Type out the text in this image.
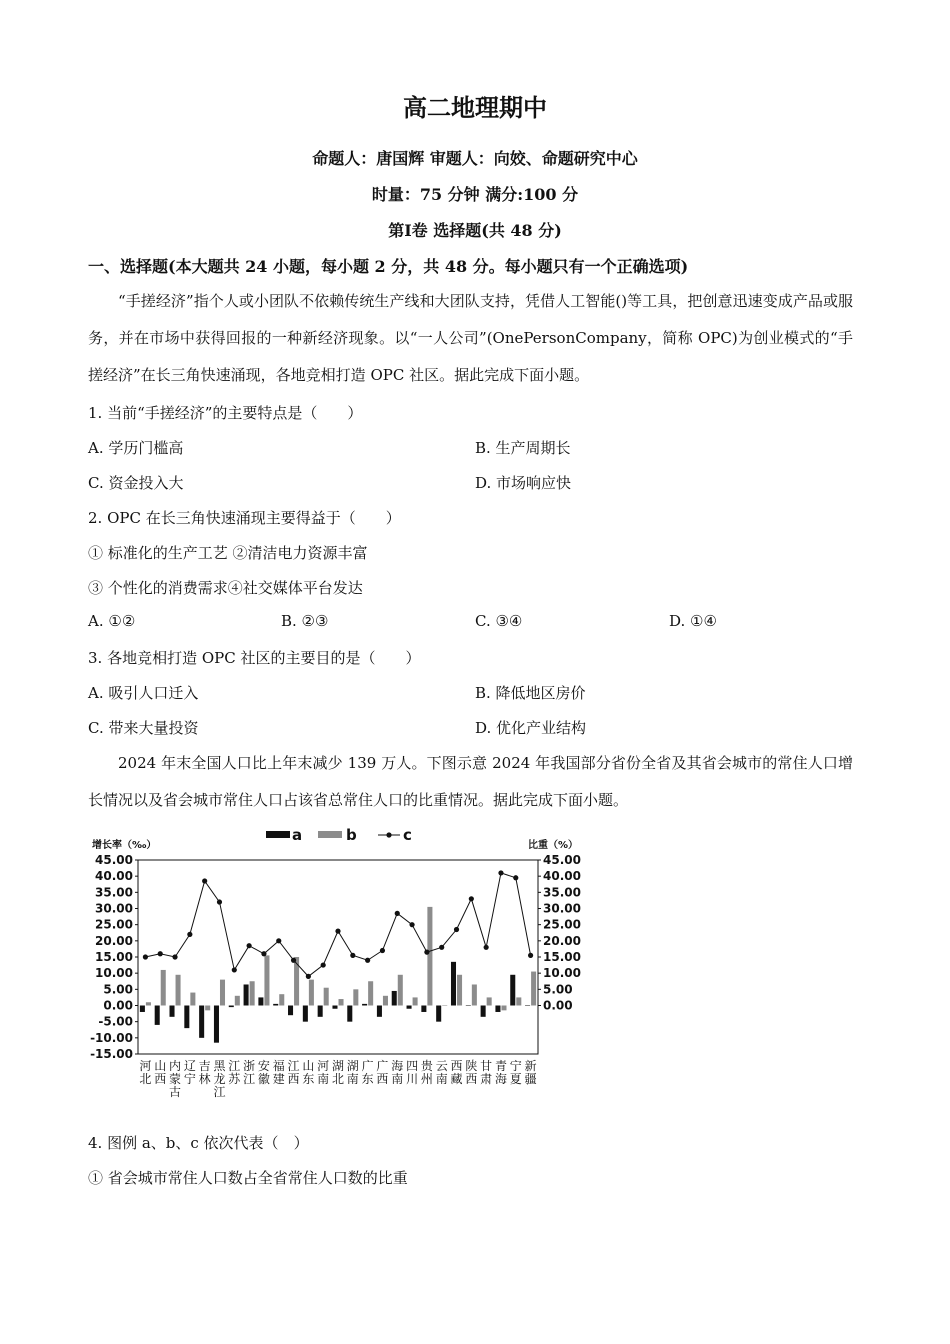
高二地理期中
命题人：唐国辉 审题人：向姣、命题研究中心
时量：75 分钟 满分:100 分
第Ⅰ卷 选择题(共 48 分)
一、选择题(本大题共 24 小题，每小题 2 分，共 48 分。每小题只有一个正确选项)

“手搓经济”指个人或小团队不依赖传统生产线和大团队支持，凭借人工智能()等工具，把创意迅速变成产品或服务，并在市场中获得回报的一种新经济现象。以“一人公司”(OnePersonCompany，简称 OPC)为创业模式的“手搓经济”在长三角快速涌现，各地竞相打造 OPC 社区。据此完成下面小题。

1. 当前“手搓经济”的主要特点是（　　）
A. 学历门槛高	B. 生产周期长
C. 资金投入大	D. 市场响应快
2. OPC 在长三角快速涌现主要得益于（　　）
① 标准化的生产工艺 ②清洁电力资源丰富
③ 个性化的消费需求④社交媒体平台发达
A. ①②	B. ②③	C. ③④	D. ①④
3. 各地竞相打造 OPC 社区的主要目的是（　　）
A. 吸引人口迁入	B. 降低地区房价
C. 带来大量投资	D. 优化产业结构

2024 年末全国人口比上年末减少 139 万人。下图示意 2024 年我国部分省份全省及其省会城市的常住人口增长情况以及省会城市常住人口占该省总常住人口的比重情况。据此完成下面小题。

45.00
40.00
35.00
30.00
25.00
20.00
15.00
10.00
5.00
0.00
-5.00
-10.00
-15.00
45.00
40.00
35.00
30.00
25.00
20.00
15.00
10.00
5.00
0.00
增长率（‰）	比重（%）
河
北
山
西
内
蒙
古
辽
宁
吉
林
黑
龙
江
江
苏
浙
江
安
徽
福
建
江
西
山
东
河
南
湖
北
湖
南
广
东
广
西
海
南
四
川
贵
州
云
南
西
藏
陕
西
甘
肃
青
海
宁
夏
新
疆
a	b	c
4. 图例 a、b、c 依次代表（　）
① 省会城市常住人口数占全省常住人口数的比重
